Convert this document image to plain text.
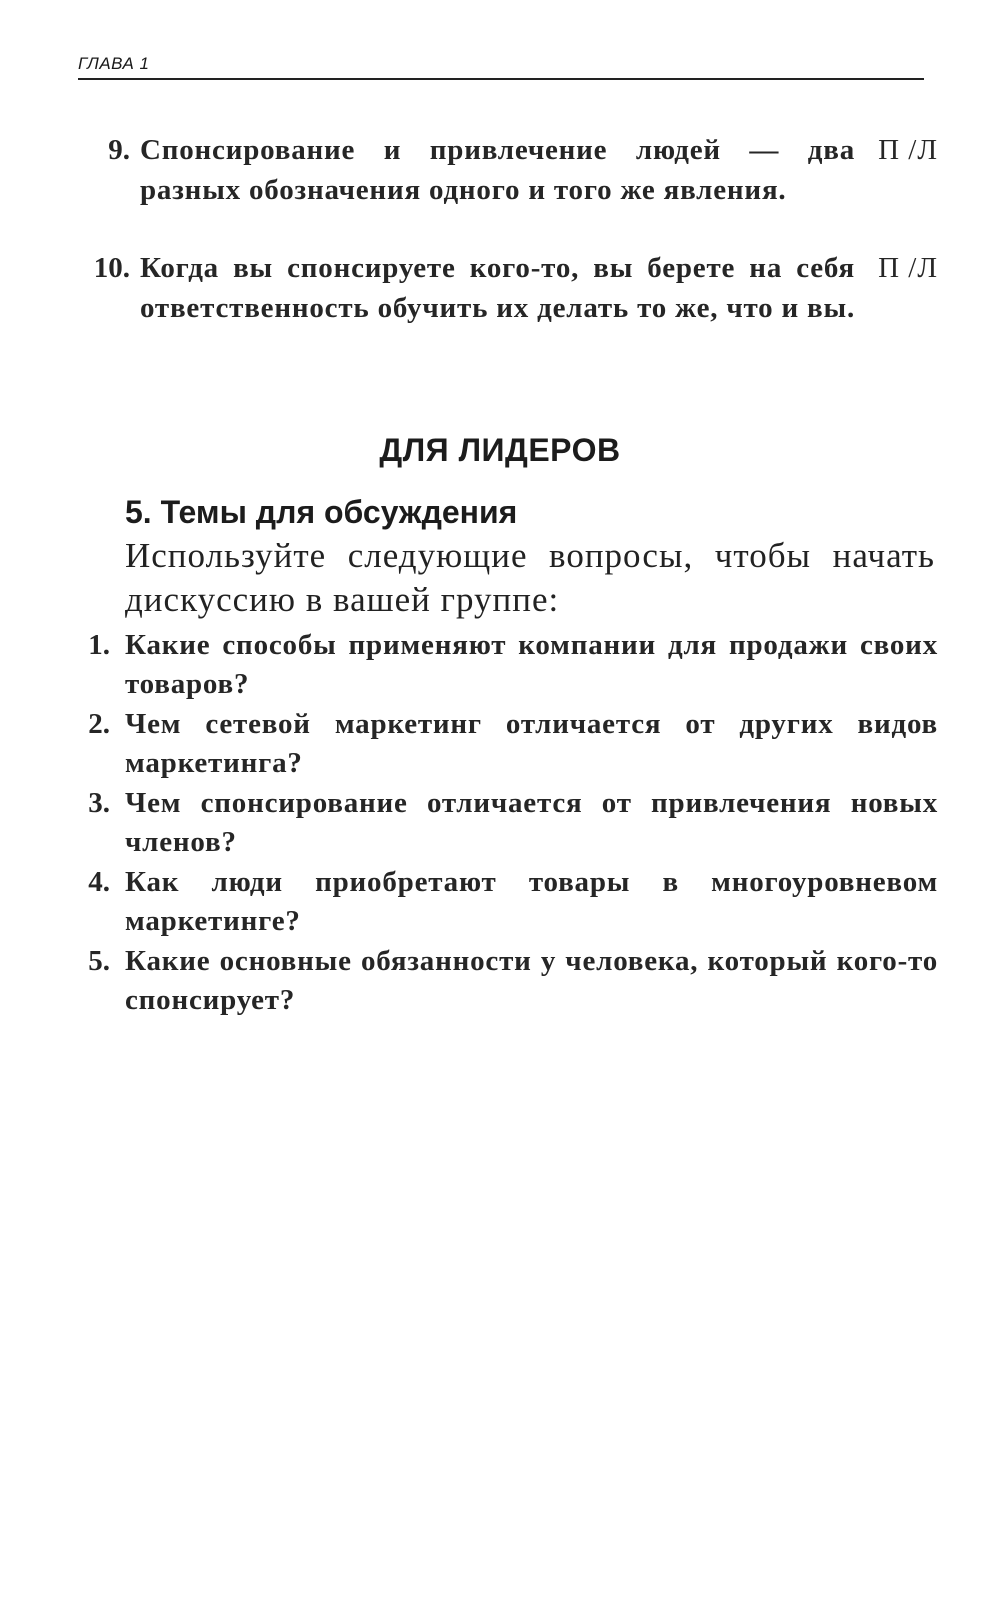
ГЛАВА 1
9. Спонсирование и привлечение людей — два разных обозначения одного и того же явления.
П /Л
10. Когда вы спонсируете кого-то, вы берете на себя ответственность обучить их делать то же, что и вы.
П /Л
ДЛЯ ЛИДЕРОВ
5. Темы для обсуждения
Используйте следующие вопросы, чтобы начать дискуссию в вашей группе:
1. Какие способы применяют компании для продажи своих товаров?
2. Чем сетевой маркетинг отличается от других видов маркетинга?
3. Чем спонсирование отличается от привлечения новых членов?
4. Как люди приобретают товары в многоуровневом маркетинге?
5. Какие основные обязанности у человека, который кого-то спонсирует?
